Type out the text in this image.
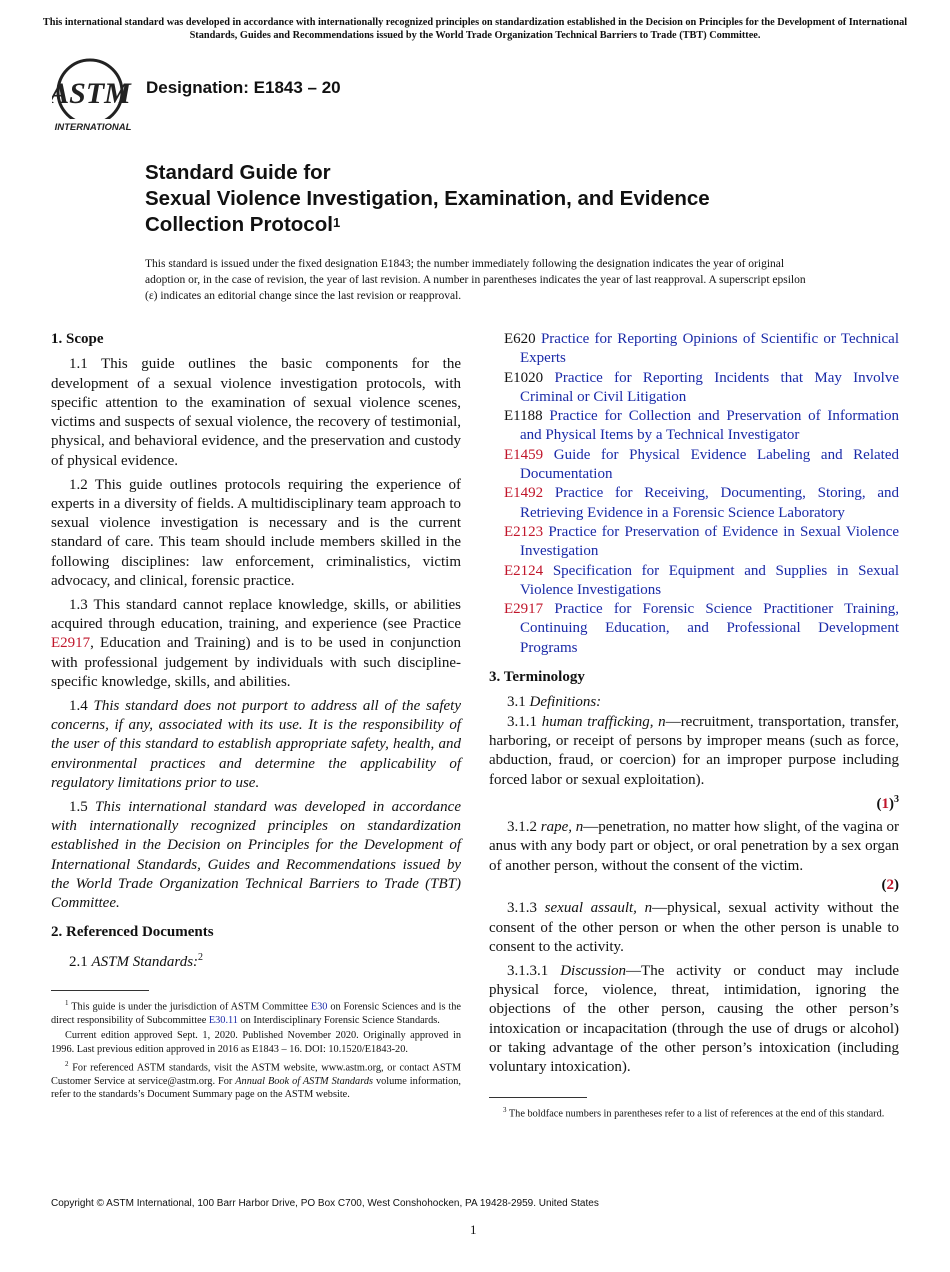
This international standard was developed in accordance with internationally recognized principles on standardization established in the Decision on Principles for the Development of International Standards, Guides and Recommendations issued by the World Trade Organization Technical Barriers to Trade (TBT) Committee.
ASTM
INTERNATIONAL
Designation: E1843 – 20
Standard Guide for
Sexual Violence Investigation, Examination, and Evidence
Collection Protocol$^1$
This standard is issued under the fixed designation E1843; the number immediately following the designation indicates the year of original adoption or, in the case of revision, the year of last revision. A number in parentheses indicates the year of last reapproval. A superscript epsilon (ε) indicates an editorial change since the last revision or reapproval.
1. Scope

1.1 This guide outlines the basic components for the development of a sexual violence investigation protocols, with specific attention to the examination of sexual violence scenes, victims and suspects of sexual violence, the recovery of testimonial, physical, and behavioral evidence, and the preservation and custody of physical evidence.

1.2 This guide outlines protocols requiring the experience of experts in a diversity of fields. A multidisciplinary team approach to sexual violence investigation is necessary and is the current standard of care. This team should include members skilled in the following disciplines: law enforcement, criminalistics, victim advocacy, and clinical, forensic practice.

1.3 This standard cannot replace knowledge, skills, or abilities acquired through education, training, and experience (see Practice E2917, Education and Training) and is to be used in conjunction with professional judgement by individuals with such discipline-specific knowledge, skills, and abilities.

1.4 This standard does not purport to address all of the safety concerns, if any, associated with its use. It is the responsibility of the user of this standard to establish appropriate safety, health, and environmental practices and determine the applicability of regulatory limitations prior to use.

1.5 This international standard was developed in accordance with internationally recognized principles on standardization established in the Decision on Principles for the Development of International Standards, Guides and Recommendations issued by the World Trade Organization Technical Barriers to Trade (TBT) Committee.

2. Referenced Documents

2.1 ASTM Standards:$^2$

$^1$ This guide is under the jurisdiction of ASTM Committee E30 on Forensic Sciences and is the direct responsibility of Subcommittee E30.11 on Interdisciplinary Forensic Science Standards.
Current edition approved Sept. 1, 2020. Published November 2020. Originally approved in 1996. Last previous edition approved in 2016 as E1843 – 16. DOI: 10.1520/E1843-20.
$^2$ For referenced ASTM standards, visit the ASTM website, www.astm.org, or contact ASTM Customer Service at service@astm.org. For Annual Book of ASTM Standards volume information, refer to the standards’s Document Summary page on the ASTM website.
E620 Practice for Reporting Opinions of Scientific or Technical Experts
E1020 Practice for Reporting Incidents that May Involve Criminal or Civil Litigation
E1188 Practice for Collection and Preservation of Information and Physical Items by a Technical Investigator
E1459 Guide for Physical Evidence Labeling and Related Documentation
E1492 Practice for Receiving, Documenting, Storing, and Retrieving Evidence in a Forensic Science Laboratory
E2123 Practice for Preservation of Evidence in Sexual Violence Investigation
E2124 Specification for Equipment and Supplies in Sexual Violence Investigations
E2917 Practice for Forensic Science Practitioner Training, Continuing Education, and Professional Development Programs
3. Terminology

3.1 Definitions:

3.1.1 human trafficking, n—recruitment, transportation, transfer, harboring, or receipt of persons by improper means (such as force, abduction, fraud, or coercion) for an improper purpose including forced labor or sexual exploitation).

$(1)^3$

3.1.2 rape, n—penetration, no matter how slight, of the vagina or anus with any body part or object, or oral penetration by a sex organ of another person, without the consent of the victim.

(2)

3.1.3 sexual assault, n—physical, sexual activity without the consent of the other person or when the other person is unable to consent to the activity.

3.1.3.1 Discussion—The activity or conduct may include physical force, violence, threat, intimidation, ignoring the objections of the other person, causing the other person’s intoxication or incapacitation (through the use of drugs or alcohol) or taking advantage of the other person’s intoxication (including voluntary intoxication).

$^3$ The boldface numbers in parentheses refer to a list of references at the end of this standard.
Copyright © ASTM International, 100 Barr Harbor Drive, PO Box C700, West Conshohocken, PA 19428-2959. United States
1
